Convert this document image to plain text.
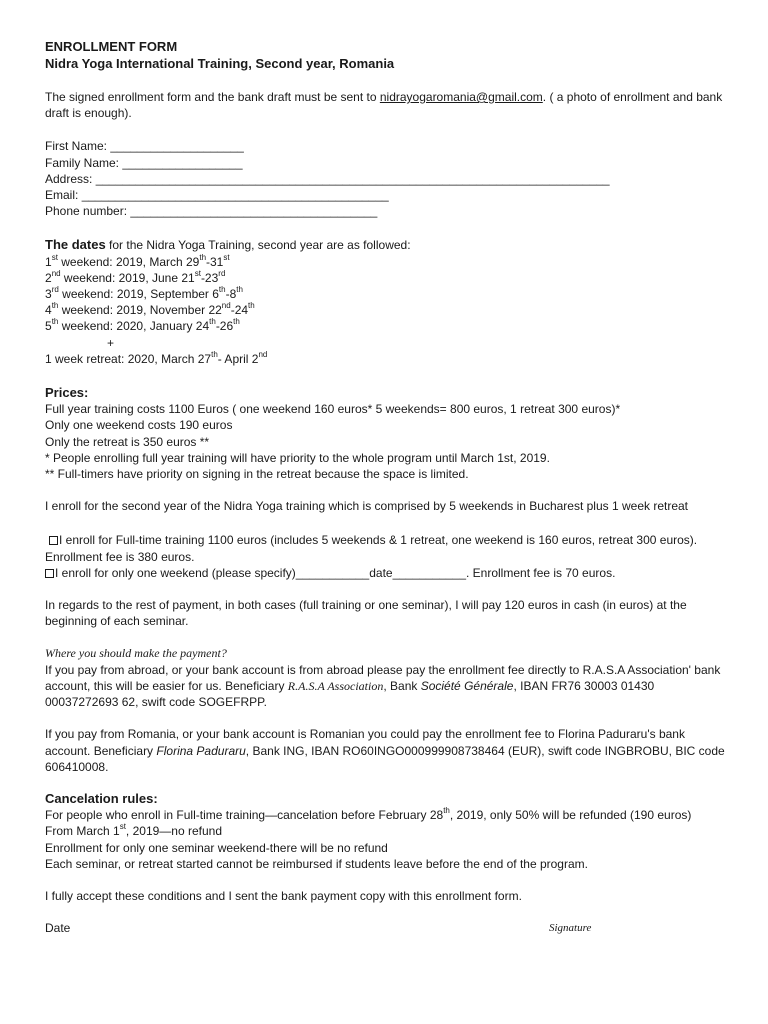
ENROLLMENT FORM

Nidra Yoga International Training, Second year, Romania

The signed enrollment form and the bank draft must be sent to nidrayogaromania@gmail.com. ( a photo of enrollment and bank draft is enough).

First Name: ____________________

Family Name: __________________

Address: _____________________________________________________________________________

Email: ______________________________________________

Phone number: _____________________________________

The dates for the Nidra Yoga Training, second year are as followed:

1st weekend: 2019, March 29th-31st

2nd weekend: 2019, June 21st-23rd

3rd weekend: 2019, September 6th-8th

4th weekend: 2019, November 22nd-24th

5th weekend: 2020, January 24th-26th

+

1 week retreat: 2020, March 27th- April 2nd

Prices:

Full year training costs 1100 Euros ( one weekend 160 euros* 5 weekends= 800 euros, 1 retreat 300 euros)*

Only one weekend costs 190 euros

Only the retreat is 350 euros **

* People enrolling full year training will have priority to the whole program until March 1st, 2019.

** Full-timers have priority on signing in the retreat because the space is limited.

I enroll for the second year of the Nidra Yoga training which is comprised by 5 weekends in Bucharest plus 1 week retreat

I enroll for Full-time training 1100 euros (includes 5 weekends & 1 retreat, one weekend is 160 euros, retreat 300 euros). Enrollment fee is 380 euros.

I enroll for only one weekend (please specify)___________date___________. Enrollment fee is 70 euros.

In regards to the rest of payment, in both cases (full training or one seminar), I will pay 120 euros in cash (in euros) at the beginning of each seminar.

Where you should make the payment?

If you pay from abroad, or your bank account is from abroad please pay the enrollment fee directly to R.A.S.A Association' bank account, this will be easier for us. Beneficiary R.A.S.A Association, Bank Société Générale, IBAN FR76 30003 01430 00037272693 62, swift code SOGEFRPP.

If you pay from Romania, or your bank account is Romanian you could pay the enrollment fee to Florina Paduraru's bank account. Beneficiary Florina Paduraru, Bank ING, IBAN RO60INGO000999908738464 (EUR), swift code INGBROBU, BIC code 606410008.

Cancelation rules:

For people who enroll in Full-time training—cancelation before February 28th, 2019, only 50% will be refunded (190 euros)

From March 1st, 2019—no refund

Enrollment for only one seminar weekend-there will be no refund

Each seminar, or retreat started cannot be reimbursed if students leave before the end of the program.

I fully accept these conditions and I sent the bank payment copy with this enrollment form.

Date	Signature
